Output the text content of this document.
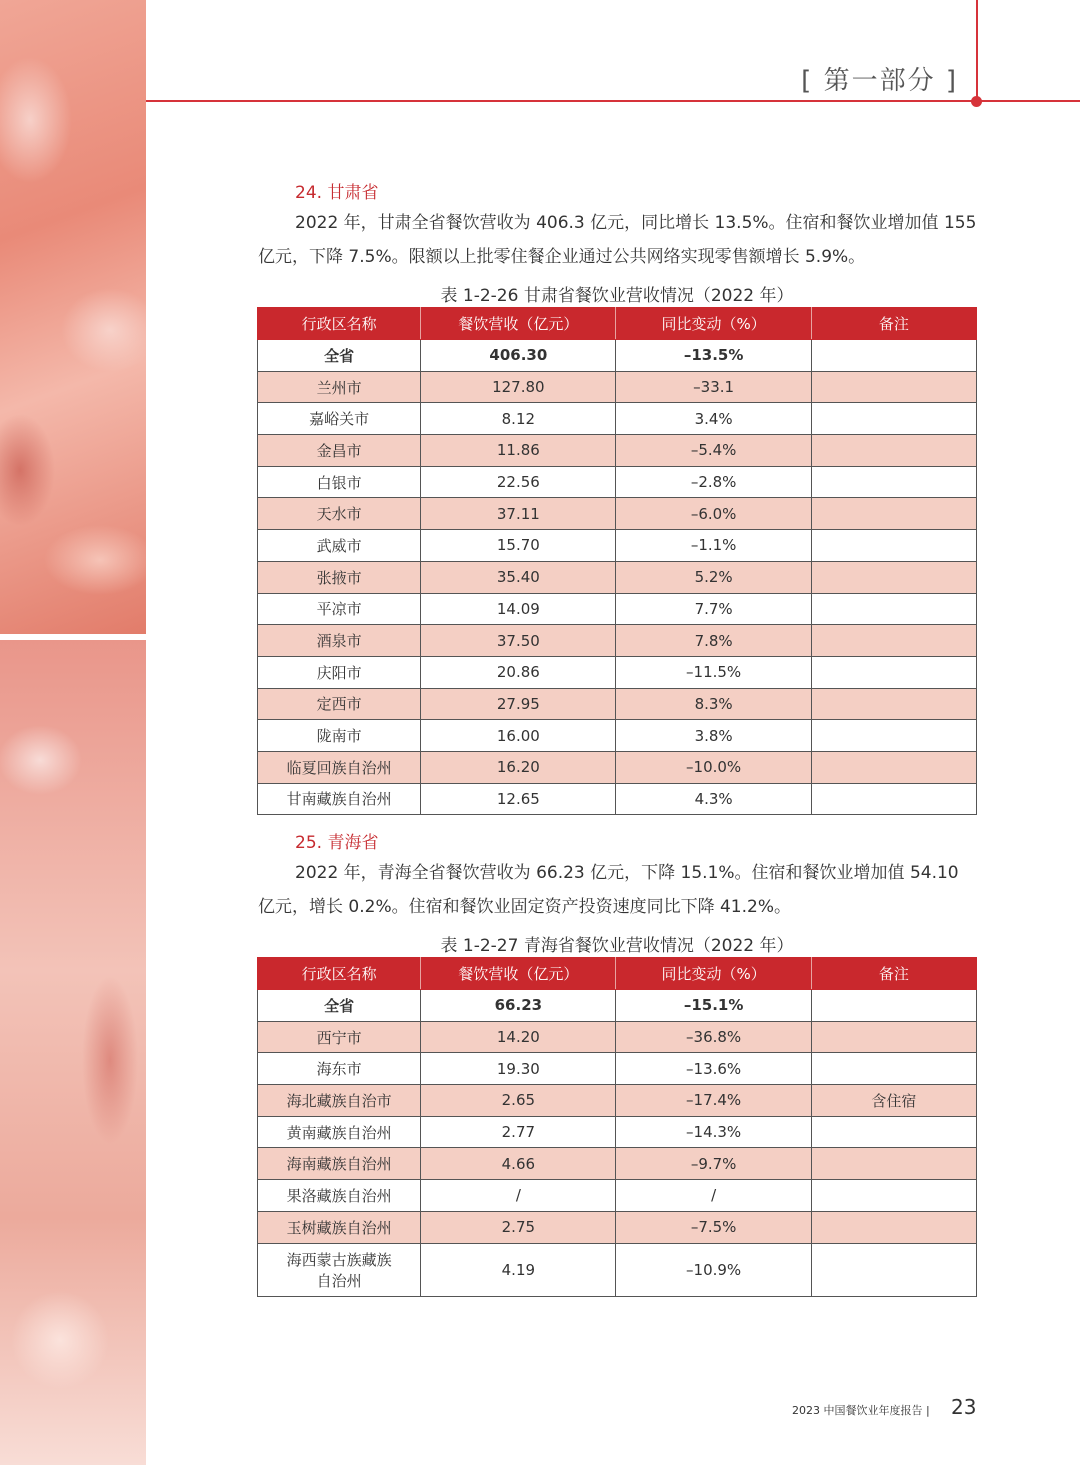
[ 第一部分 ]
24. 甘肃省
2022 年，甘肃全省餐饮营收为 406.3 亿元，同比增长 13.5%。住宿和餐饮业增加值 155 亿元，下降 7.5%。限额以上批零住餐企业通过公共网络实现零售额增长 5.9%。
表 1-2-26 甘肃省餐饮业营收情况（2022 年）
行政区名称	餐饮营收（亿元）	同比变动（%）	备注
全省	406.30	–13.5%	
兰州市	127.80	–33.1	
嘉峪关市	8.12	3.4%	
金昌市	11.86	–5.4%	
白银市	22.56	–2.8%	
天水市	37.11	–6.0%	
武威市	15.70	–1.1%	
张掖市	35.40	5.2%	
平凉市	14.09	7.7%	
酒泉市	37.50	7.8%	
庆阳市	20.86	–11.5%	
定西市	27.95	8.3%	
陇南市	16.00	3.8%	
临夏回族自治州	16.20	–10.0%	
甘南藏族自治州	12.65	4.3%	
25. 青海省
2022 年，青海全省餐饮营收为 66.23 亿元，下降 15.1%。住宿和餐饮业增加值 54.10 亿元，增长 0.2%。住宿和餐饮业固定资产投资速度同比下降 41.2%。
表 1-2-27 青海省餐饮业营收情况（2022 年）
行政区名称	餐饮营收（亿元）	同比变动（%）	备注
全省	66.23	–15.1%	
西宁市	14.20	–36.8%	
海东市	19.30	–13.6%	
海北藏族自治市	2.65	–17.4%	含住宿
黄南藏族自治州	2.77	–14.3%	
海南藏族自治州	4.66	–9.7%	
果洛藏族自治州	/	/	
玉树藏族自治州	2.75	–7.5%	

海西蒙古族藏族
自治州	4.19	–10.9%	
2023 中国餐饮业年度报告 | 23
